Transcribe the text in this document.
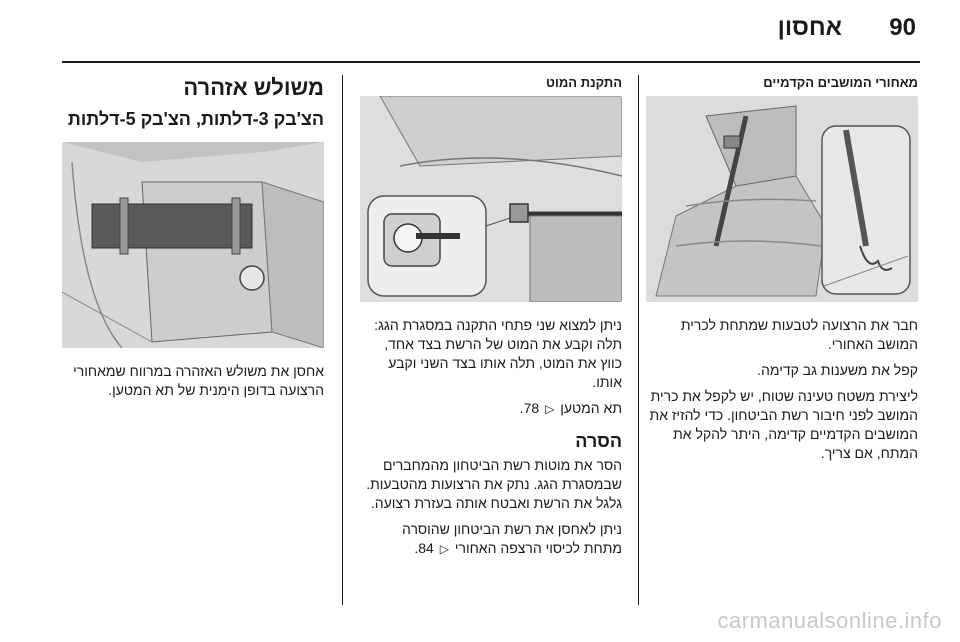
90
אחסון
מאחורי המושבים הקדמיים

חבר את הרצועה לטבעות שמתחת לכרית המושב האחורי.

קפל את משענות גב קדימה.

ליצירת משטח טעינה שטוח, יש לקפל את כרית המושב לפני חיבור רשת הביטחון. כדי להזיז את המושבים הקדמיים קדימה, היתר להקל את המתח, אם צריך.

התקנת המוט

ניתן למצוא שני פתחי התקנה במסגרת הגג: תלה וקבע את המוט של הרשת בצד אחד, כווץ את המוט, תלה אותו בצד השני וקבע אותו.

תא המטען ▷ 78.

הסרה

הסר את מוטות רשת הביטחון מהמחברים שבמסגרת הגג. נתק את הרצועות מהטבעות. גלגל את הרשת ואבטח אותה בעזרת רצועה.

ניתן לאחסן את רשת הביטחון שהוסרה מתחת לכיסוי הרצפה האחורי ▷ 84.

משולש אזהרה
הצ'בק 3-דלתות, הצ'בק 5-דלתות

אחסן את משולש האזהרה במרווח שמאחורי הרצועה בדופן הימנית של תא המטען.

carmanualsonline.info
